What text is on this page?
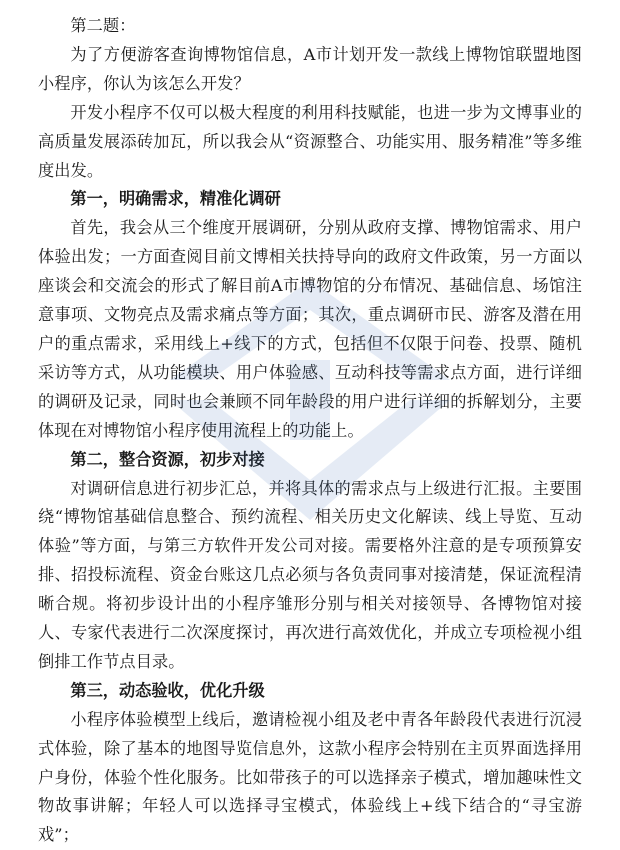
第二题：

为了方便游客查询博物馆信息，A市计划开发一款线上博物馆联盟地图小程序，你认为该怎么开发？

开发小程序不仅可以极大程度的利用科技赋能，也进一步为文博事业的高质量发展添砖加瓦，所以我会从“资源整合、功能实用、服务精准”等多维度出发。

第一，明确需求，精准化调研

首先，我会从三个维度开展调研，分别从政府支撑、博物馆需求、用户体验出发；一方面查阅目前文博相关扶持导向的政府文件政策，另一方面以座谈会和交流会的形式了解目前A市博物馆的分布情况、基础信息、场馆注意事项、文物亮点及需求痛点等方面；其次，重点调研市民、游客及潜在用户的重点需求，采用线上+线下的方式，包括但不仅限于问卷、投票、随机采访等方式，从功能模块、用户体验感、互动科技等需求点方面，进行详细的调研及记录，同时也会兼顾不同年龄段的用户进行详细的拆解划分，主要体现在对博物馆小程序使用流程上的功能上。

第二，整合资源，初步对接

对调研信息进行初步汇总，并将具体的需求点与上级进行汇报。主要围绕“博物馆基础信息整合、预约流程、相关历史文化解读、线上导览、互动体验”等方面，与第三方软件开发公司对接。需要格外注意的是专项预算安排、招投标流程、资金台账这几点必须与各负责同事对接清楚，保证流程清晰合规。将初步设计出的小程序雏形分别与相关对接领导、各博物馆对接人、专家代表进行二次深度探讨，再次进行高效优化，并成立专项检视小组倒排工作节点目录。

第三，动态验收，优化升级

小程序体验模型上线后，邀请检视小组及老中青各年龄段代表进行沉浸式体验，除了基本的地图导览信息外，这款小程序会特别在主页界面选择用户身份，体验个性化服务。比如带孩子的可以选择亲子模式，增加趣味性文物故事讲解；年轻人可以选择寻宝模式，体验线上+线下结合的“寻宝游戏”；
